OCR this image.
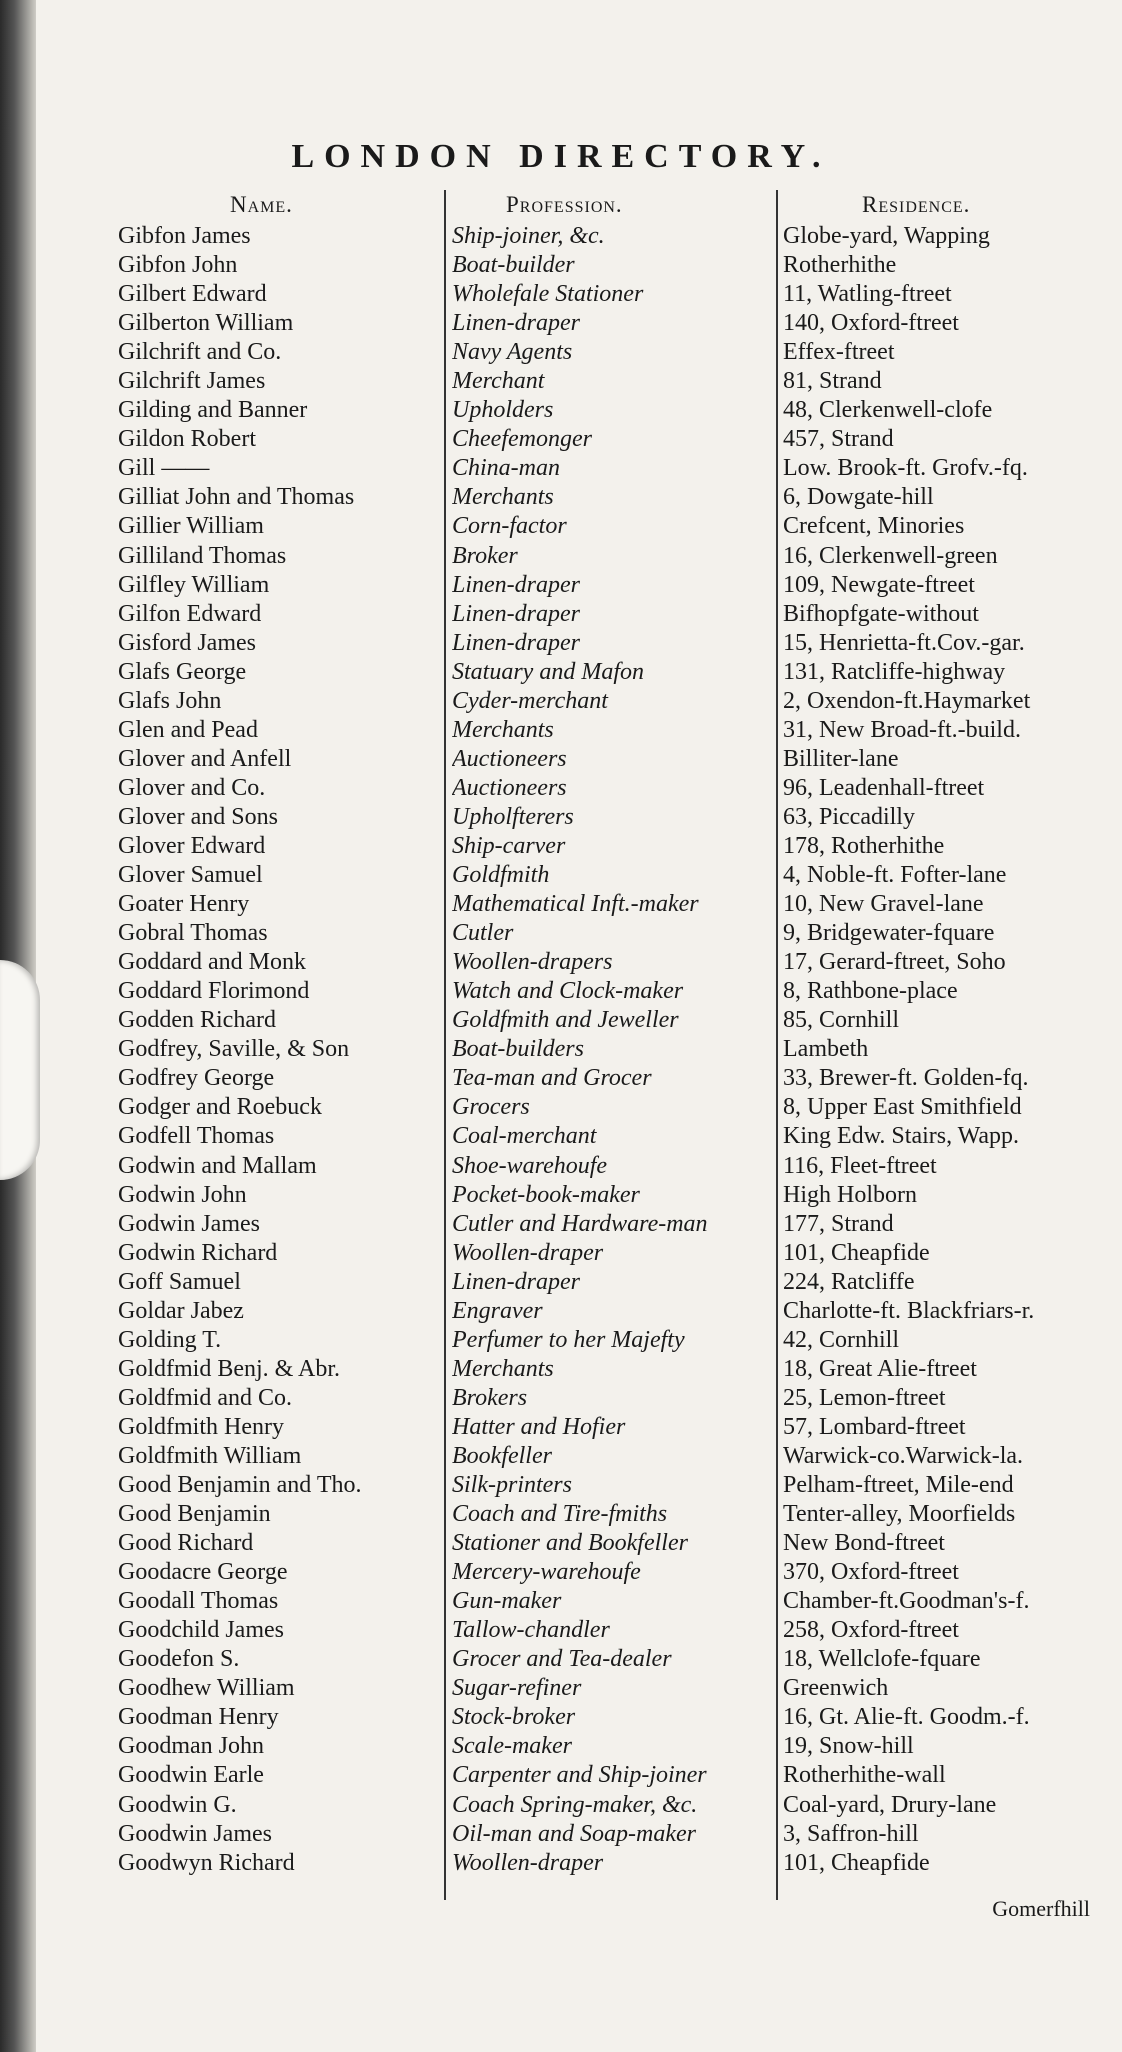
LONDON DIRECTORY.
Name.	Profession.	Residence.
Gibfon James	Ship-joiner, &c.	Globe-yard, Wapping
Gibfon John	Boat-builder	Rotherhithe
Gilbert Edward	Wholefale Stationer	11, Watling-ftreet
Gilberton William	Linen-draper	140, Oxford-ftreet
Gilchrift and Co.	Navy Agents	Effex-ftreet
Gilchrift James	Merchant	81, Strand
Gilding and Banner	Upholders	48, Clerkenwell-clofe
Gildon Robert	Cheefemonger	457, Strand
Gill ——	China-man	Low. Brook-ft. Grofv.-fq.
Gilliat John and Thomas	Merchants	6, Dowgate-hill
Gillier William	Corn-factor	Crefcent, Minories
Gilliland Thomas	Broker	16, Clerkenwell-green
Gilfley William	Linen-draper	109, Newgate-ftreet
Gilfon Edward	Linen-draper	Bifhopfgate-without
Gisford James	Linen-draper	15, Henrietta-ft.Cov.-gar.
Glafs George	Statuary and Mafon	131, Ratcliffe-highway
Glafs John	Cyder-merchant	2, Oxendon-ft.Haymarket
Glen and Pead	Merchants	31, New Broad-ft.-build.
Glover and Anfell	Auctioneers	Billiter-lane
Glover and Co.	Auctioneers	96, Leadenhall-ftreet
Glover and Sons	Upholfterers	63, Piccadilly
Glover Edward	Ship-carver	178, Rotherhithe
Glover Samuel	Goldfmith	4, Noble-ft. Fofter-lane
Goater Henry	Mathematical Inft.-maker	10, New Gravel-lane
Gobral Thomas	Cutler	9, Bridgewater-fquare
Goddard and Monk	Woollen-drapers	17, Gerard-ftreet, Soho
Goddard Florimond	Watch and Clock-maker	8, Rathbone-place
Godden Richard	Goldfmith and Jeweller	85, Cornhill
Godfrey, Saville, & Son	Boat-builders	Lambeth
Godfrey George	Tea-man and Grocer	33, Brewer-ft. Golden-fq.
Godger and Roebuck	Grocers	8, Upper East Smithfield
Godfell Thomas	Coal-merchant	King Edw. Stairs, Wapp.
Godwin and Mallam	Shoe-warehoufe	116, Fleet-ftreet
Godwin John	Pocket-book-maker	High Holborn
Godwin James	Cutler and Hardware-man	177, Strand
Godwin Richard	Woollen-draper	101, Cheapfide
Goff Samuel	Linen-draper	224, Ratcliffe
Goldar Jabez	Engraver	Charlotte-ft. Blackfriars-r.
Golding T.	Perfumer to her Majefty	42, Cornhill
Goldfmid Benj. & Abr.	Merchants	18, Great Alie-ftreet
Goldfmid and Co.	Brokers	25, Lemon-ftreet
Goldfmith Henry	Hatter and Hofier	57, Lombard-ftreet
Goldfmith William	Bookfeller	Warwick-co.Warwick-la.
Good Benjamin and Tho.	Silk-printers	Pelham-ftreet, Mile-end
Good Benjamin	Coach and Tire-fmiths	Tenter-alley, Moorfields
Good Richard	Stationer and Bookfeller	New Bond-ftreet
Goodacre George	Mercery-warehoufe	370, Oxford-ftreet
Goodall Thomas	Gun-maker	Chamber-ft.Goodman's-f.
Goodchild James	Tallow-chandler	258, Oxford-ftreet
Goodefon S.	Grocer and Tea-dealer	18, Wellclofe-fquare
Goodhew William	Sugar-refiner	Greenwich
Goodman Henry	Stock-broker	16, Gt. Alie-ft. Goodm.-f.
Goodman John	Scale-maker	19, Snow-hill
Goodwin Earle	Carpenter and Ship-joiner	Rotherhithe-wall
Goodwin G.	Coach Spring-maker, &c.	Coal-yard, Drury-lane
Goodwin James	Oil-man and Soap-maker	3, Saffron-hill
Goodwyn Richard	Woollen-draper	101, Cheapfide
Gomerfhill
